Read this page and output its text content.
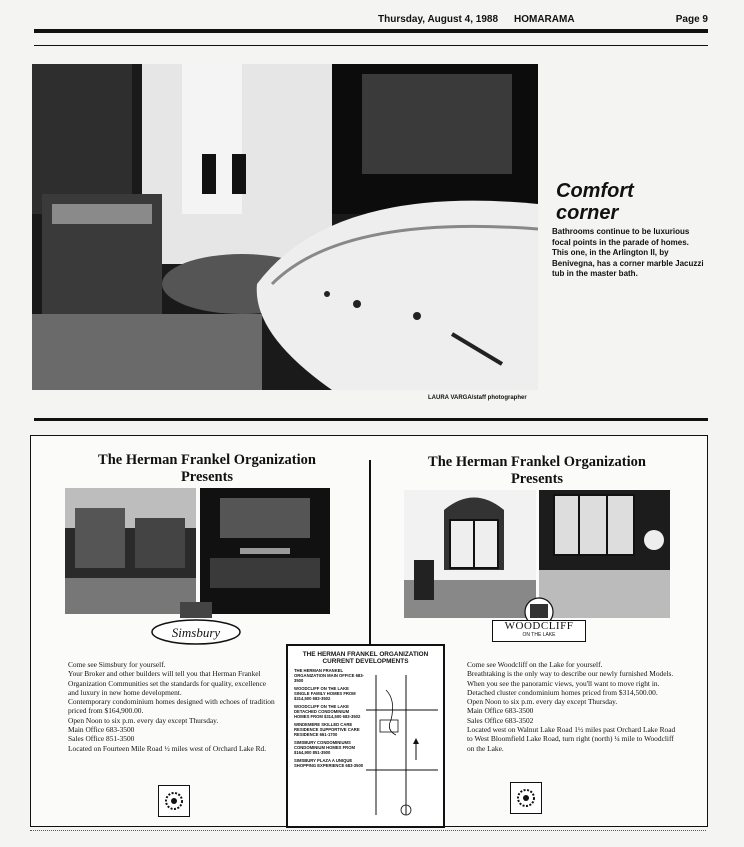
Thursday, August 4, 1988 HOMARAMA	Page 9
LAURA VARGA/staff photographer
Comfort
corner
Bathrooms continue to be luxurious focal points in the parade of homes. This one, in the Arlington II, by Benivegna, has a corner marble Jacuzzi tub in the master bath.
The Herman Frankel Organization
Presents
Simsbury

Come see Simsbury for yourself.

Your Broker and other builders will tell you that Herman Frankel Organization Communities set the standards for quality, excellence and luxury in new home development.

Contemporary condominium homes designed with echoes of tradition priced from $164,900.00.

Open Noon to six p.m. every day except Thursday.

Main Office 683-3500

Sales Office 851-3500

Located on Fourteen Mile Road ½ miles west of Orchard Lake Rd.

THE HERMAN FRANKEL ORGANIZATION
CURRENT DEVELOPMENTS
THE HERMAN FRANKEL ORGANIZATION MAIN OFFICE 683-3500
WOODCLIFF ON THE LAKE SINGLE FAMILY HOMES FROM $314,500 683-3502
WOODCLIFF ON THE LAKE DETACHED CONDOMINIUM HOMES FROM $314,500 683-3502
WINDEMERE SKILLED CARE RESIDENCE SUPPORTIVE CARE RESIDENCE 661-1700
SIMSBURY CONDOMINIUMS CONDOMINIUM HOMES FROM $164,900 851-3500
SIMSBURY PLAZA A UNIQUE SHOPPING EXPERIENCE 683-3500
The Herman Frankel Organization
Presents
WOODCLIFF
ON THE LAKE

Come see Woodcliff on the Lake for yourself.

Breathtaking is the only way to describe our newly furnished Models. When you see the panoramic views, you'll want to move right in.

Detached cluster condominium homes priced from $314,500.00.

Open Noon to six p.m. every day except Thursday.

Main Office 683-3500

Sales Office 683-3502

Located west on Walnut Lake Road 1½ miles past Orchard Lake Road to West Bloomfield Lake Road, turn right (north) ¼ mile to Woodcliff on the Lake.
